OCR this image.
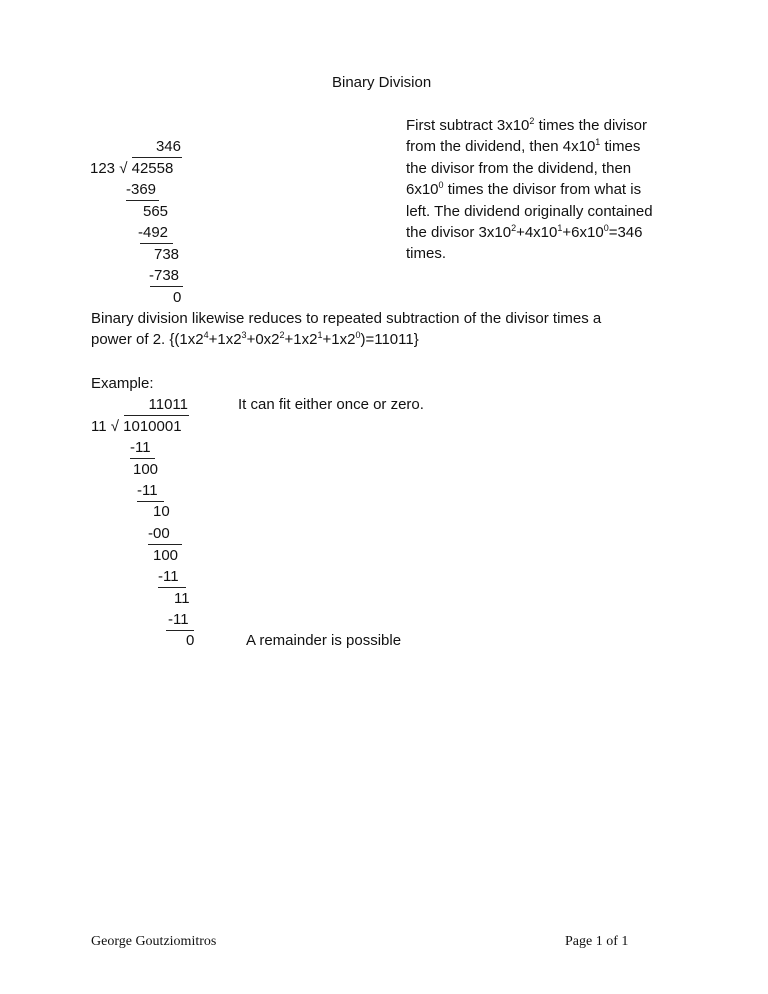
Binary Division
346
123 √ 42558
-369
565
-492
738
-738
0
First subtract $3x10^2$ times the divisor
from the dividend, then $4x10^1$ times
the divisor from the dividend, then
$6x10^0$ times the divisor from what is
left. The dividend originally contained
the divisor $3x10^2+4x10^1+6x10^0=346$
times.
Binary division likewise reduces to repeated subtraction of the divisor times a
power of 2. $\{(1x2^4+1x2^3+0x2^2+1x2^1+1x2^0)=11011\}$
Example:
11011
11 √ 1010001
-11
100
-11
10
-00
100
-11
11
-11
0
It can fit either once or zero.
A remainder is possible
George Goutziomitros	Page 1 of 1
